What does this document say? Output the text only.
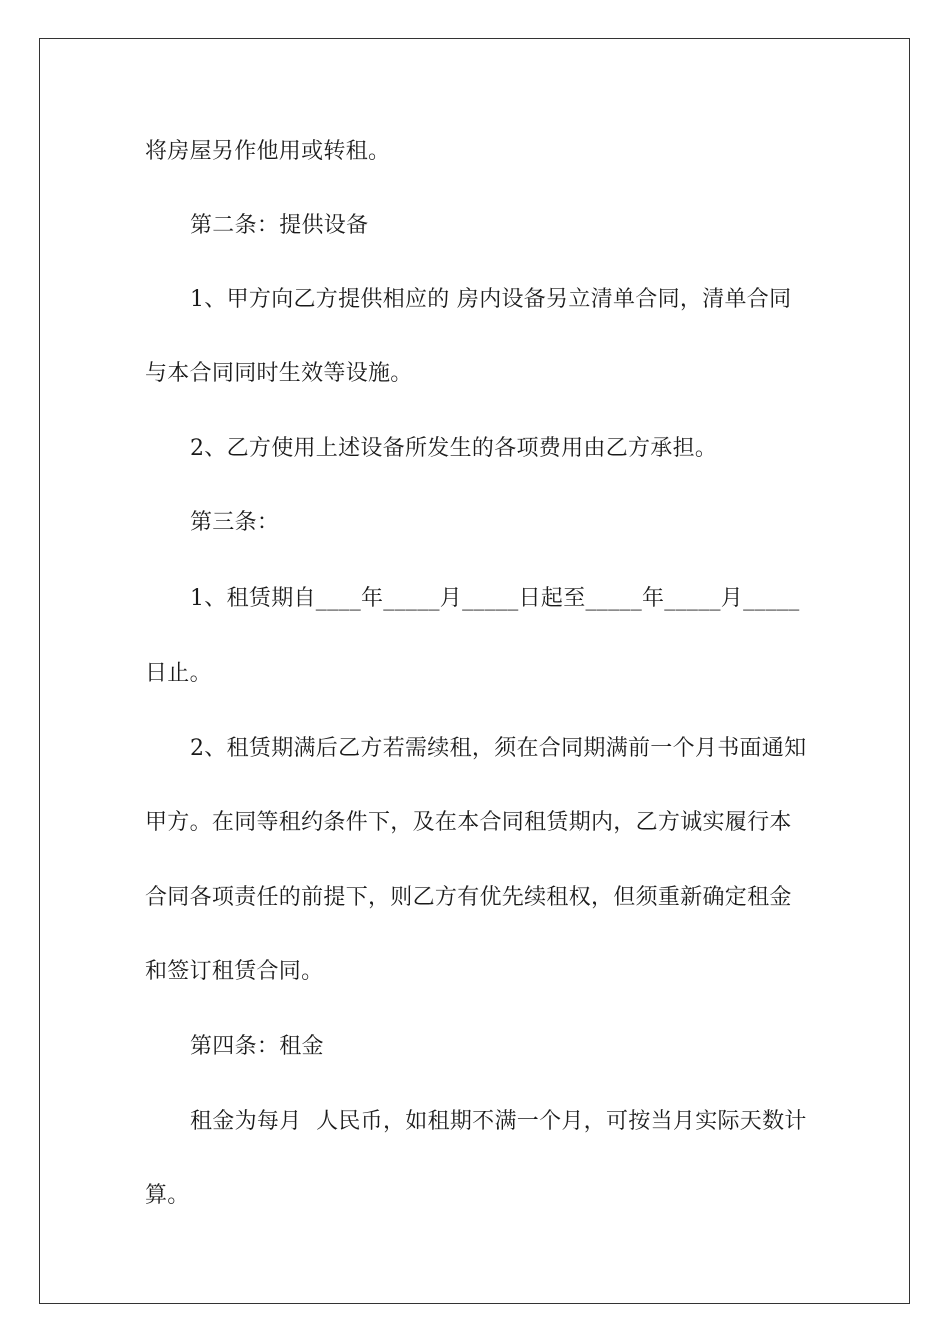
将房屋另作他用或转租。
第二条：提供设备
1、甲方向乙方提供相应的 房内设备另立清单合同，清单合同
与本合同同时生效等设施。
2、乙方使用上述设备所发生的各项费用由乙方承担。
第三条：
1、租赁期自____年_____月_____日起至_____年_____月_____
日止。
2、租赁期满后乙方若需续租，须在合同期满前一个月书面通知
甲方。在同等租约条件下，及在本合同租赁期内，乙方诚实履行本
合同各项责任的前提下，则乙方有优先续租权，但须重新确定租金
和签订租赁合同。
第四条：租金
租金为每月  人民币，如租期不满一个月，可按当月实际天数计
算。
